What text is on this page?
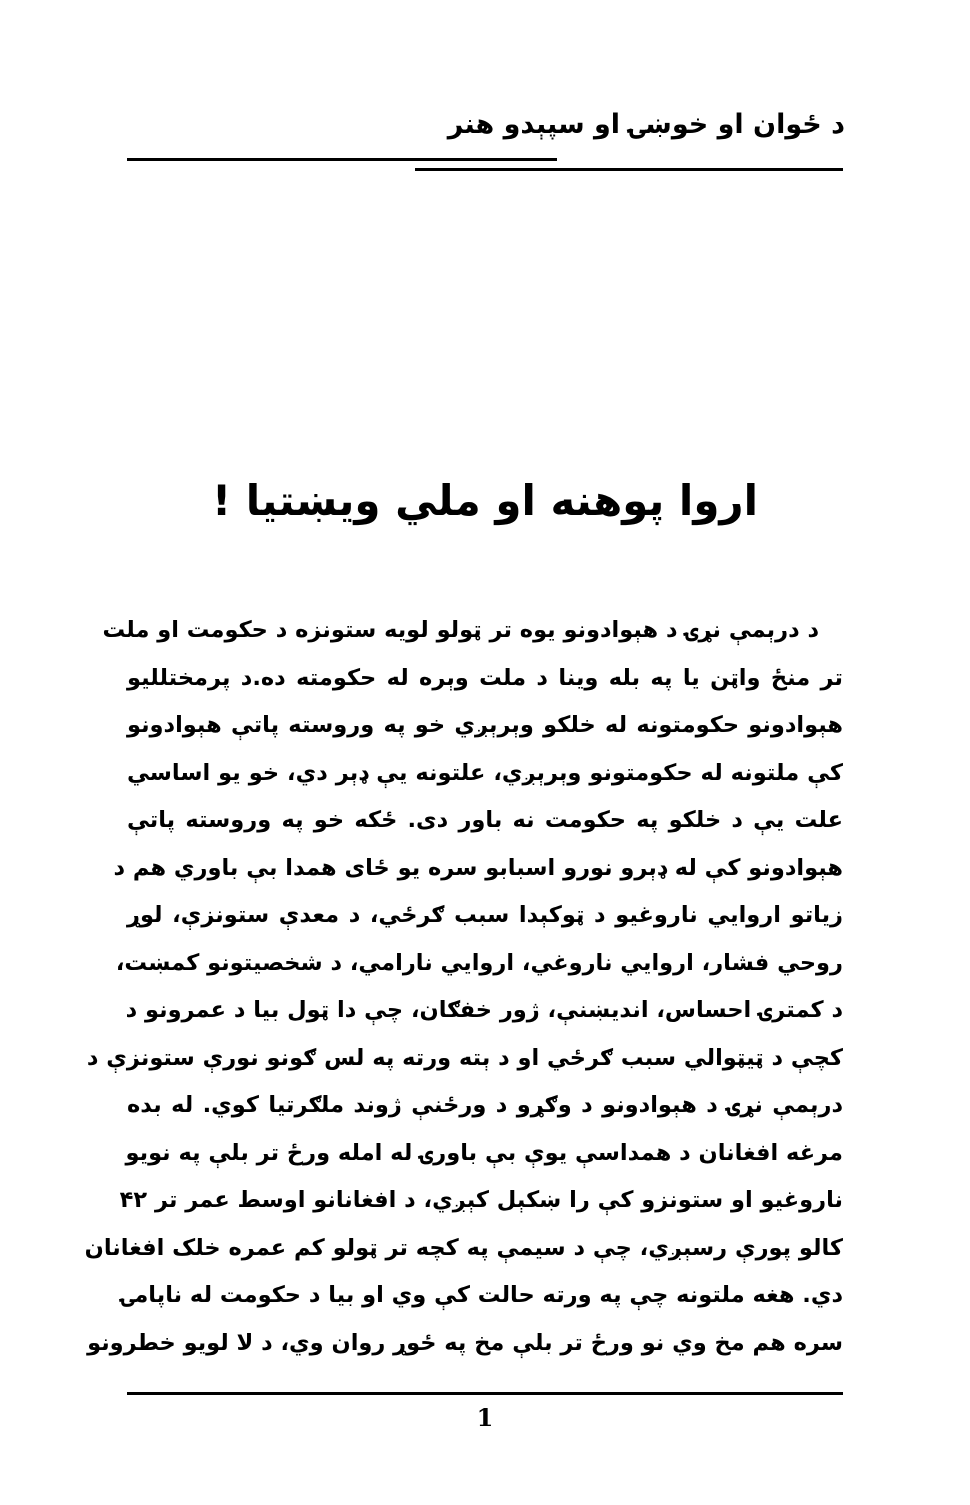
د ځوان او خوښۍ او سپېدو هنر
اروا پوهنه او ملي ويښتيا !
د درېمې نړۍ د هېوادونو يوه تر ټولو لويه ستونزه د حکومت او ملت
تر منځ واټن يا په بله وينا د ملت وېره له حکومته ده.د پرمختلليو
هېوادونو حکومتونه له خلکو وېرېږي خو په وروسته پاتې هېوادونو
کې ملتونه له حکومتونو وېرېږي، علتونه يې ډېر دي، خو يو اساسي
علت يې د خلکو په حکومت نه باور دی. ځکه خو په وروسته پاتې
هېوادونو کې له ډېرو نورو اسبابو سره يو ځای همدا بې باوري هم د
زياتو اروايي ناروغيو د ټوکېدا سبب ګرځي، د معدې ستونزې، لوړ
روحي فشار، اروايي ناروغي، اروايي نارامي، د شخصيتونو کمښت،
د کمترۍ احساس، انديښنې، ژور خفګان، چې دا ټول بيا د عمرونو د
کچې د ټيټوالي سبب ګرځي او د ېته ورته په لس ګونو نورې ستونزې د
درېمې نړۍ د هېوادونو د وګړو د ورځنې ژوند ملګرتيا کوي. له بده
مرغه افغانان د همداسې يوې بې باورۍ له امله ورځ تر بلې په نويو
ناروغيو او ستونزو کې را ښکېل کېږي، د افغانانو اوسط عمر تر ۴۲
کالو پورې رسېږي، چې د سيمې په کچه تر ټولو کم عمره خلک افغانان
دي. هغه ملتونه چې په ورته حالت کې وي او بيا د حکومت له ناپامۍ
سره هم مخ وي نو ورځ تر بلې مخ په ځوړ روان وي، د لا لويو خطرونو
1
